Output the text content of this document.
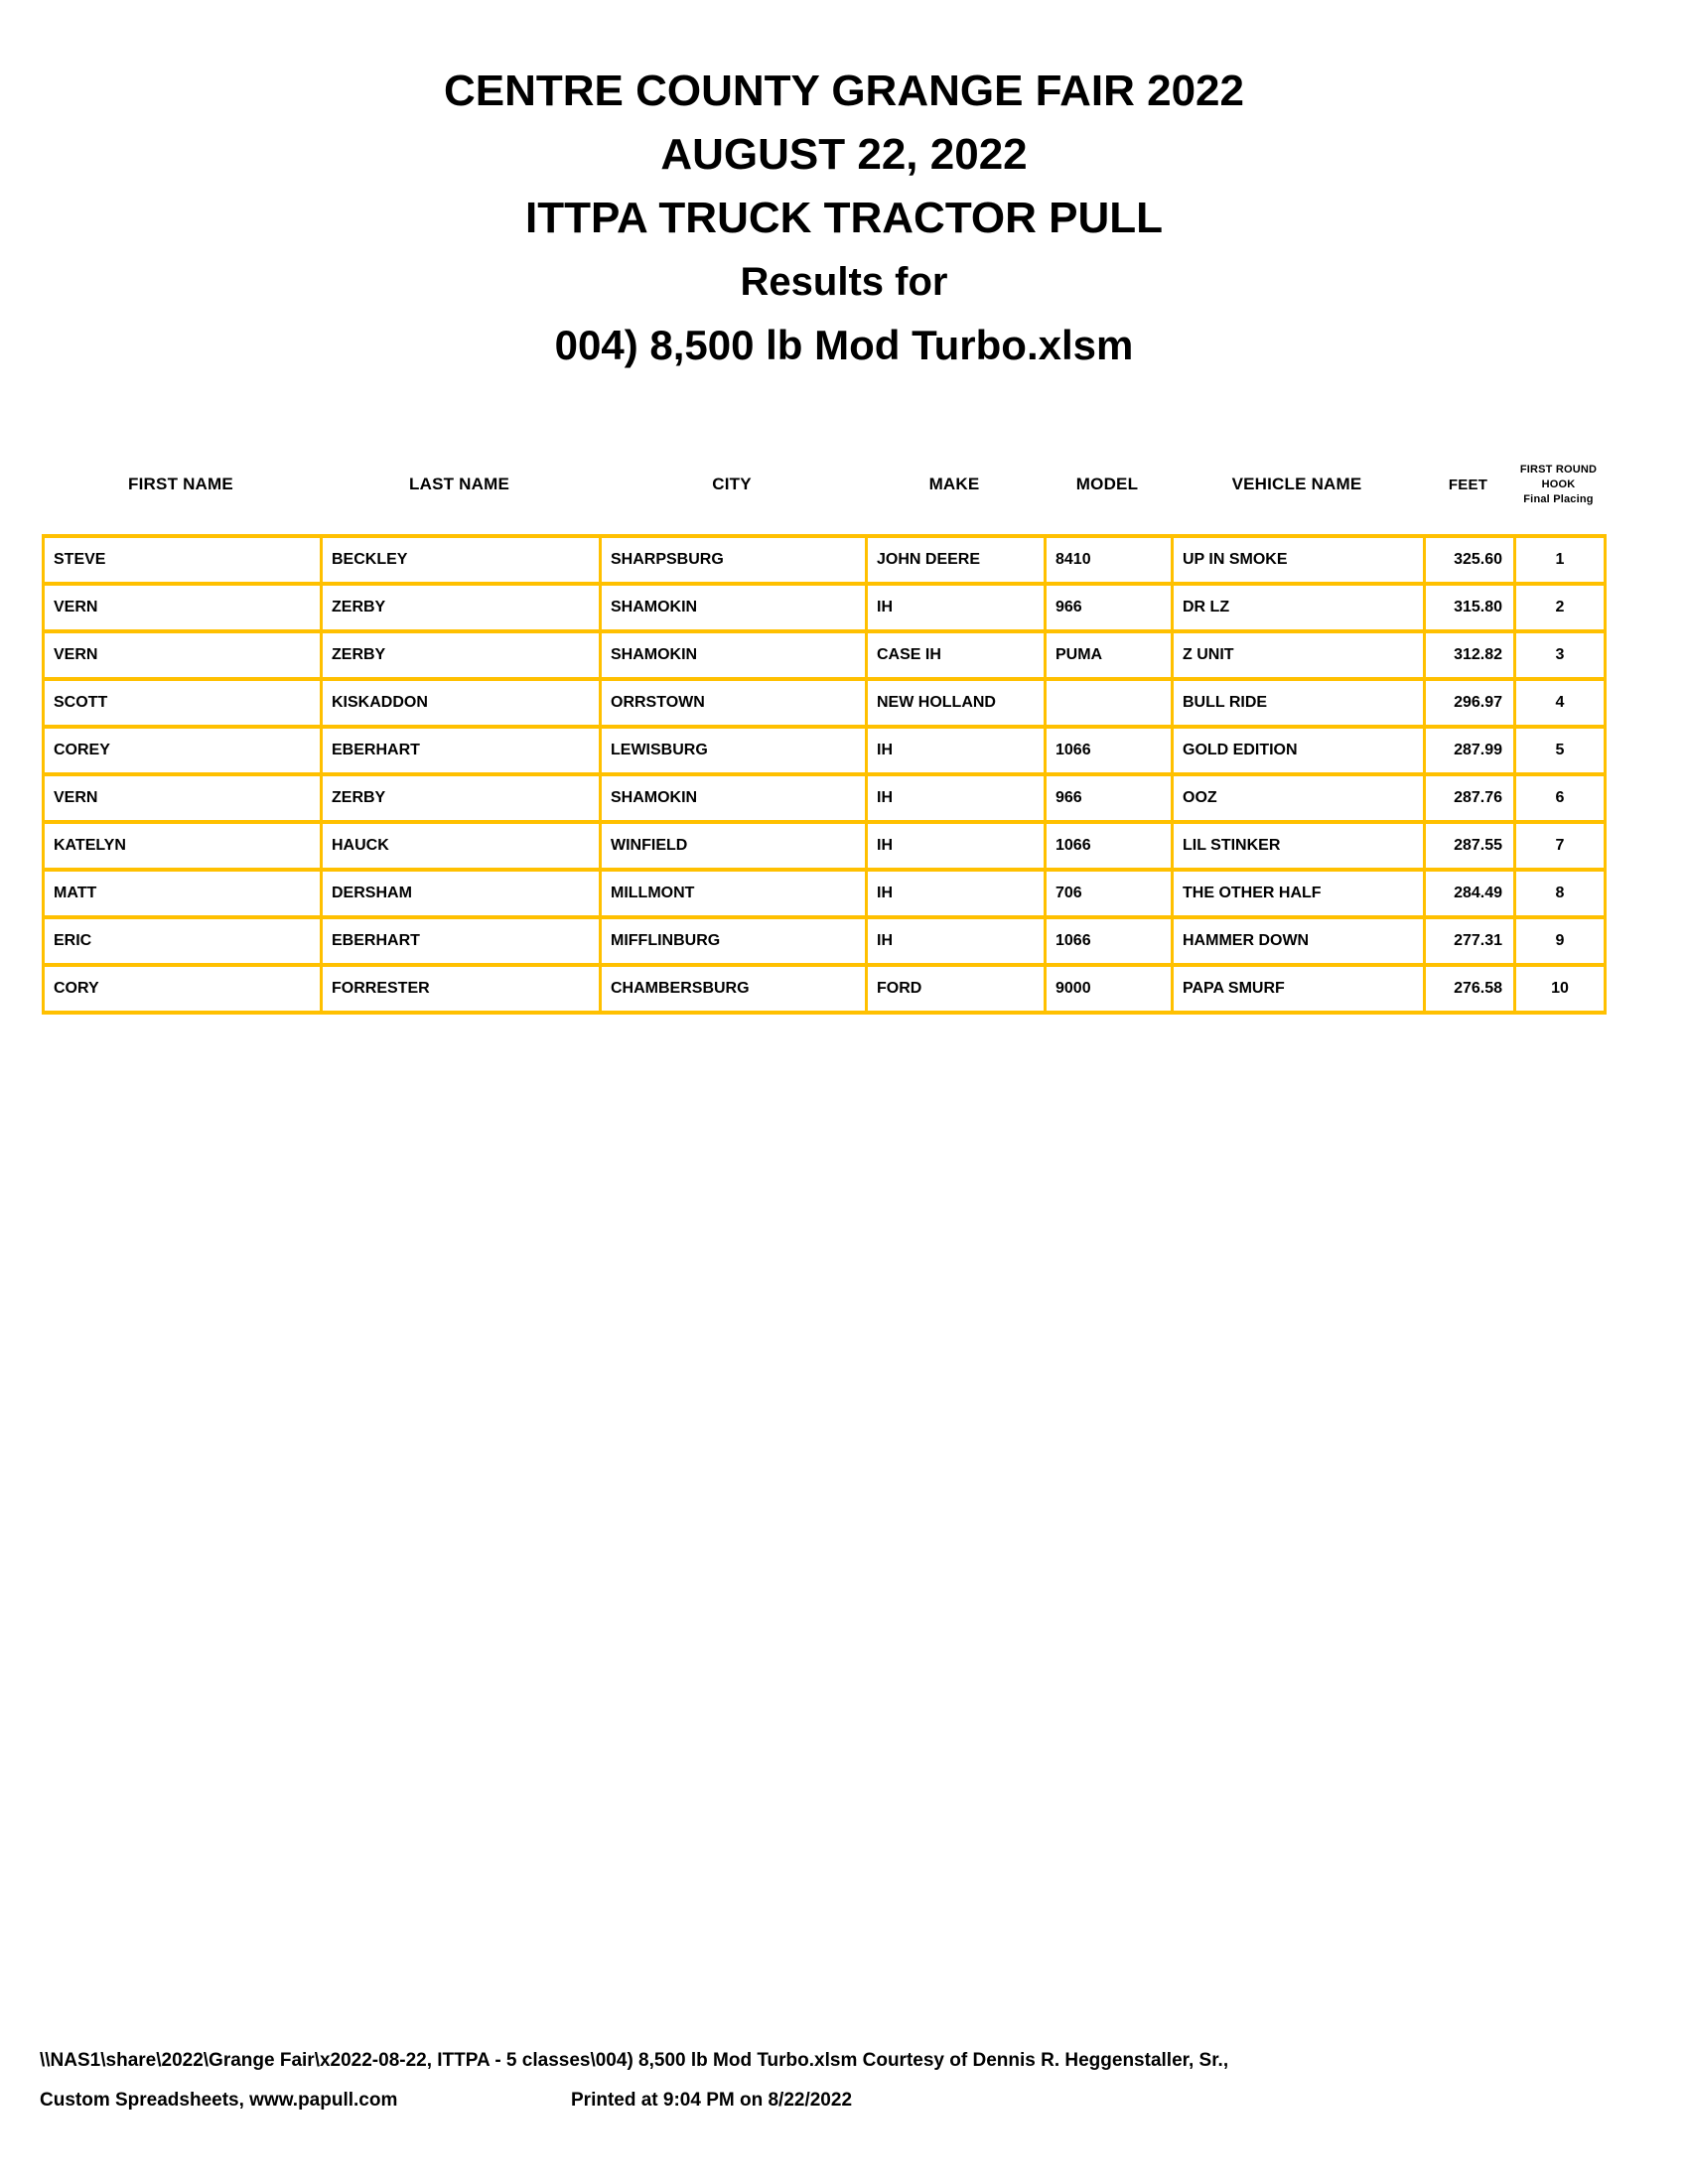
CENTRE COUNTY GRANGE FAIR 2022
AUGUST 22, 2022
ITTPA TRUCK TRACTOR PULL
Results for
004) 8,500 lb Mod Turbo.xlsm
FIRST NAME	LAST NAME	CITY	MAKE	MODEL	VEHICLE NAME	FEET
FIRST ROUND
HOOK
Final Placing
STEVE	BECKLEY	SHARPSBURG	JOHN DEERE	8410	UP IN SMOKE	325.60	1
VERN	ZERBY	SHAMOKIN	IH	966	DR LZ	315.80	2
VERN	ZERBY	SHAMOKIN	CASE IH	PUMA	Z UNIT	312.82	3
SCOTT	KISKADDON	ORRSTOWN	NEW HOLLAND		BULL RIDE	296.97	4
COREY	EBERHART	LEWISBURG	IH	1066	GOLD EDITION	287.99	5
VERN	ZERBY	SHAMOKIN	IH	966	OOZ	287.76	6
KATELYN	HAUCK	WINFIELD	IH	1066	LIL STINKER	287.55	7
MATT	DERSHAM	MILLMONT	IH	706	THE OTHER HALF	284.49	8
ERIC	EBERHART	MIFFLINBURG	IH	1066	HAMMER DOWN	277.31	9
CORY	FORRESTER	CHAMBERSBURG	FORD	9000	PAPA SMURF	276.58	10
\\NAS1\share\2022\Grange Fair\x2022-08-22, ITTPA - 5 classes\004) 8,500 lb Mod Turbo.xlsm Courtesy of Dennis R. Heggenstaller, Sr.,
Custom Spreadsheets, www.papull.com	Printed at 9:04 PM on 8/22/2022
